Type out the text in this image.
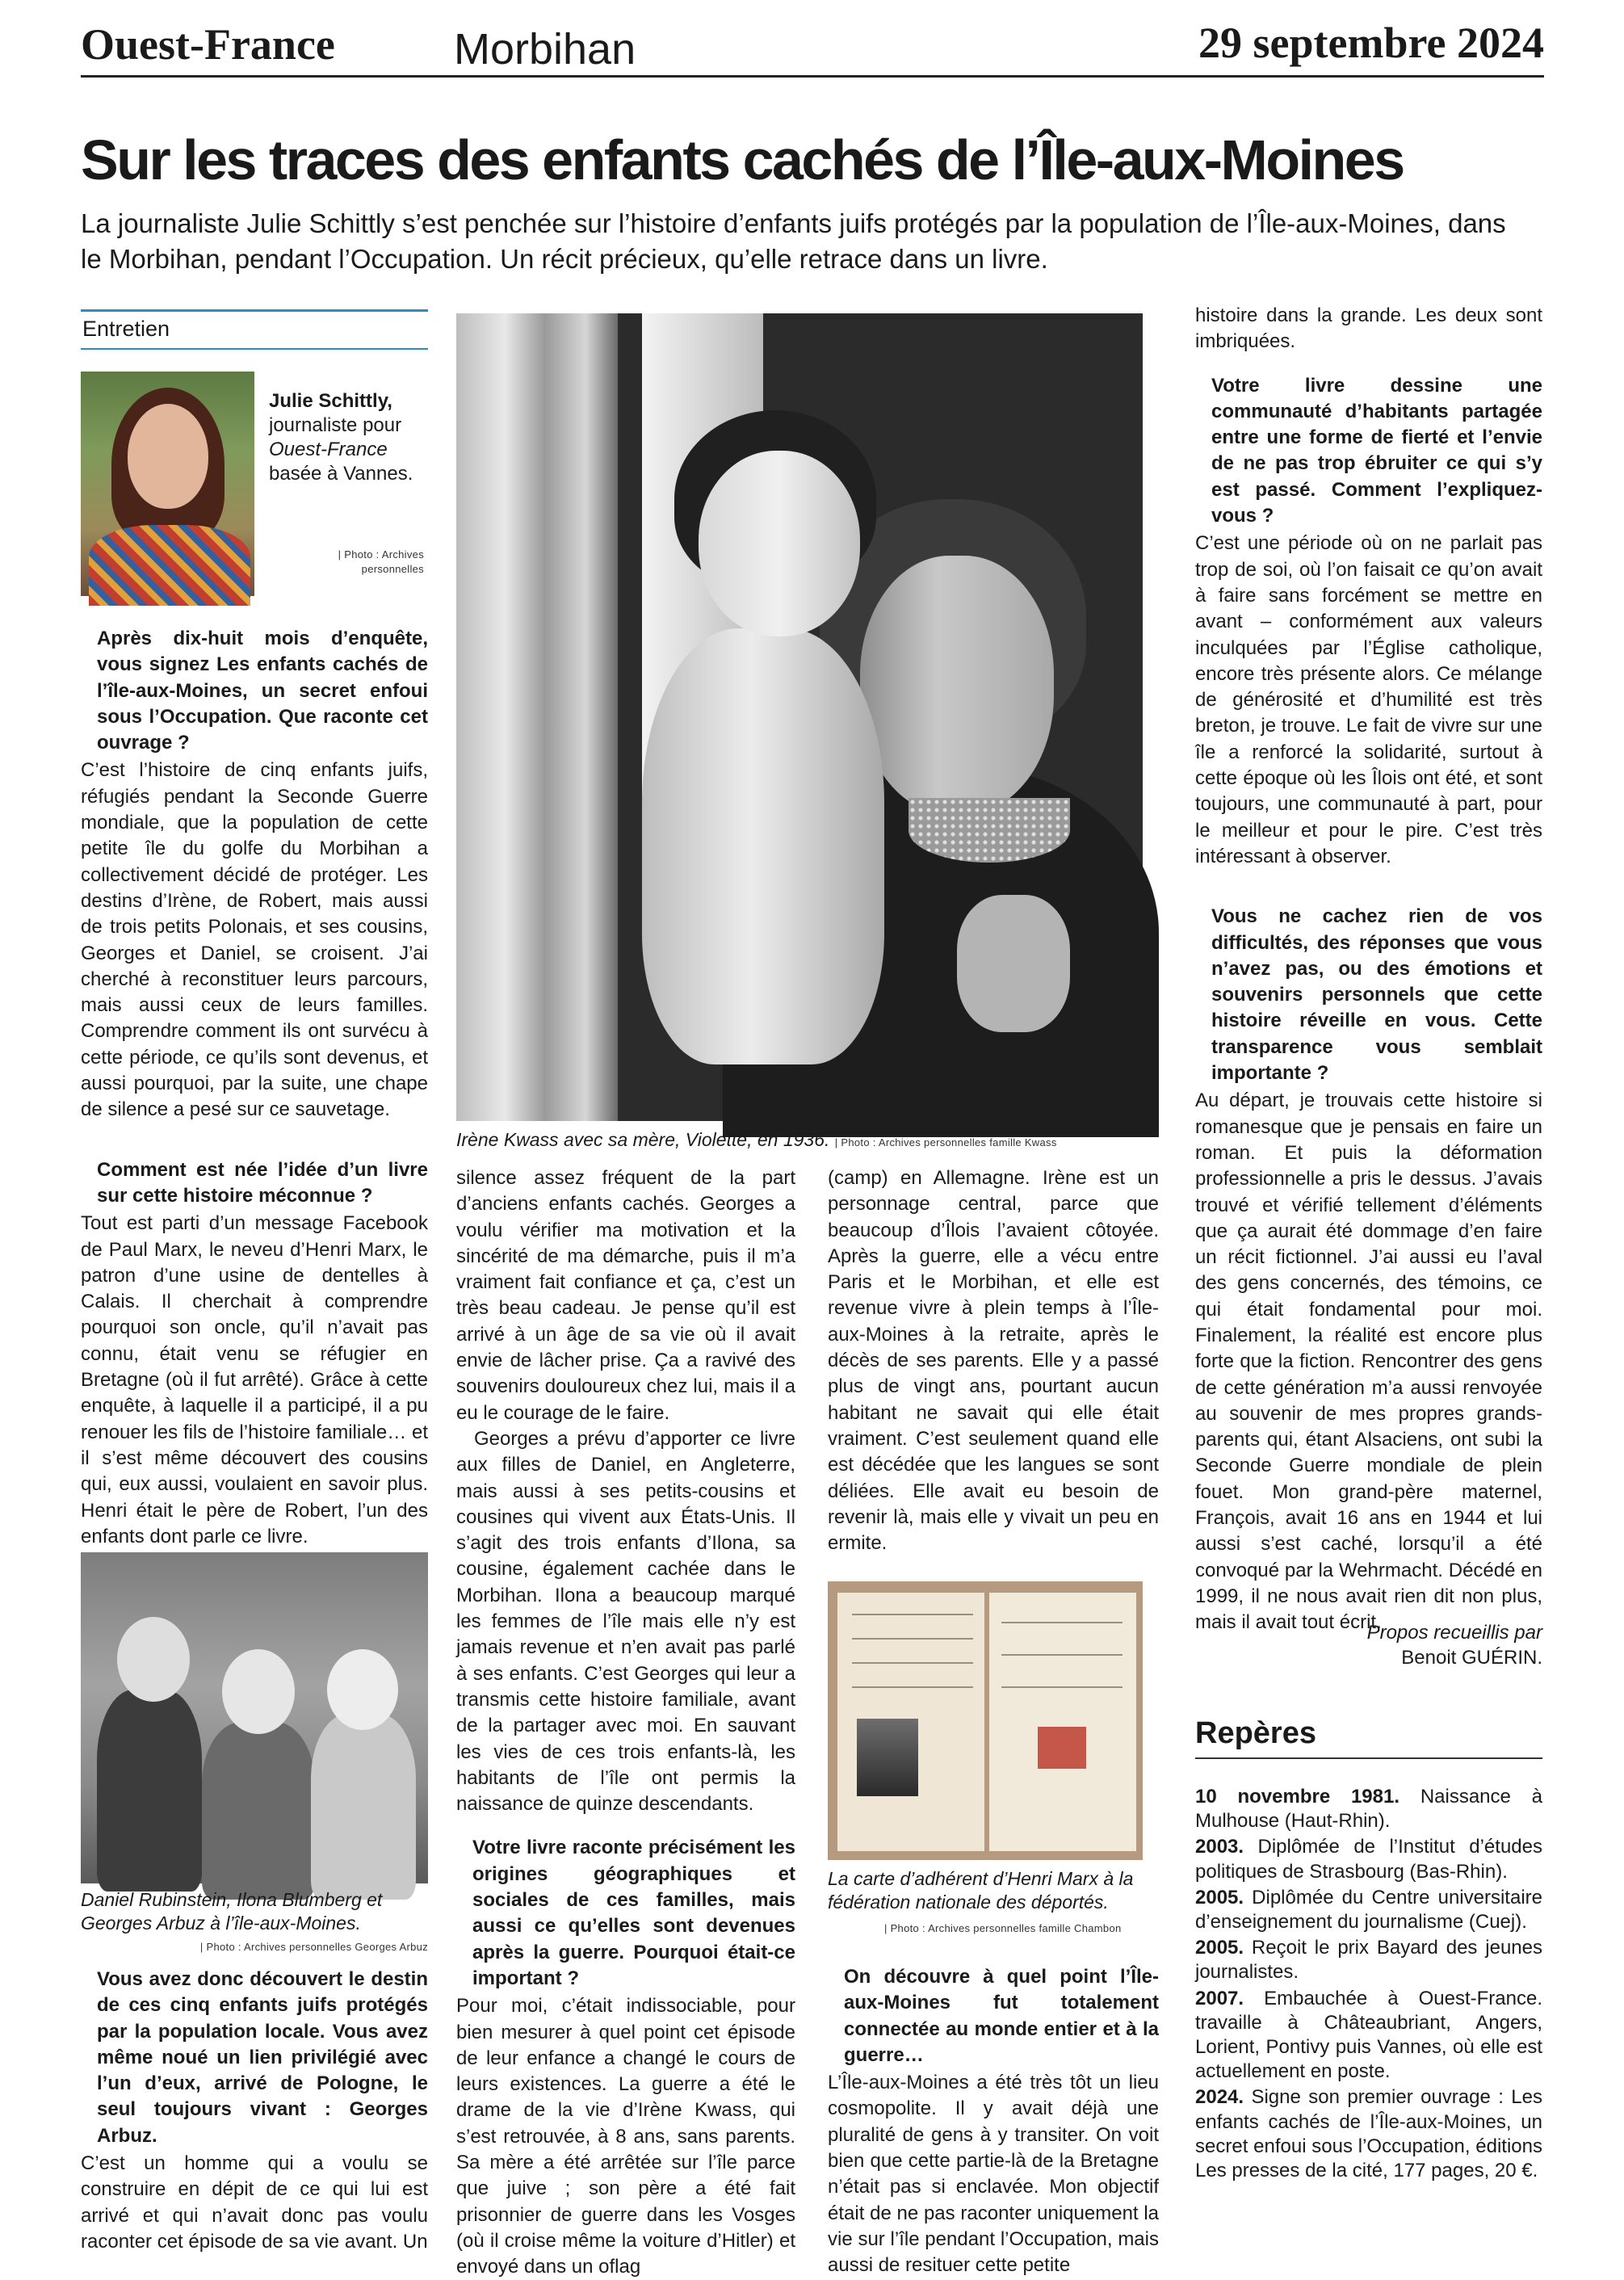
Ouest-France	Morbihan	29 septembre 2024
Sur les traces des enfants cachés de l’Île-aux-Moines
La journaliste Julie Schittly s’est penchée sur l’histoire d’enfants juifs protégés par la population de l’Île-aux-Moines, dans le Morbihan, pendant l’Occupation. Un récit précieux, qu’elle retrace dans un livre.
Entretien
Julie Schittly,
journaliste pour
Ouest-France
basée à Vannes.
| Photo : Archives personnelles
Après dix-huit mois d’enquête, vous signez Les enfants cachés de l’île-aux-Moines, un secret enfoui sous l’Occupation. Que raconte cet ouvrage ?
C’est l’histoire de cinq enfants juifs, réfugiés pendant la Seconde Guerre mondiale, que la population de cette petite île du golfe du Morbihan a collectivement décidé de protéger. Les destins d’Irène, de Robert, mais aussi de trois petits Polonais, et ses cousins, Georges et Daniel, se croisent. J’ai cherché à reconstituer leurs parcours, mais aussi ceux de leurs familles. Comprendre comment ils ont survécu à cette période, ce qu’ils sont devenus, et aussi pourquoi, par la suite, une chape de silence a pesé sur ce sauvetage.
Comment est née l’idée d’un livre sur cette histoire méconnue ?
Tout est parti d’un message Facebook de Paul Marx, le neveu d’Henri Marx, le patron d’une usine de dentelles à Calais. Il cherchait à comprendre pourquoi son oncle, qu’il n’avait pas connu, était venu se réfugier en Bretagne (où il fut arrêté). Grâce à cette enquête, à laquelle il a participé, il a pu renouer les fils de l’histoire familiale… et il s’est même découvert des cousins qui, eux aussi, voulaient en savoir plus. Henri était le père de Robert, l’un des enfants dont parle ce livre.
Daniel Rubinstein, Ilona Blumberg et Georges Arbuz à l’île-aux-Moines.
| Photo : Archives personnelles Georges Arbuz
Vous avez donc découvert le destin de ces cinq enfants juifs protégés par la population locale. Vous avez même noué un lien privilégié avec l’un d’eux, arrivé de Pologne, le seul toujours vivant : Georges Arbuz.
C’est un homme qui a voulu se construire en dépit de ce qui lui est arrivé et qui n’avait donc pas voulu raconter cet épisode de sa vie avant. Un
Irène Kwass avec sa mère, Violette, en 1936. | Photo : Archives personnelles famille Kwass

silence assez fréquent de la part d’anciens enfants cachés. Georges a voulu vérifier ma motivation et la sincérité de ma démarche, puis il m’a vraiment fait confiance et ça, c’est un très beau cadeau. Je pense qu’il est arrivé à un âge de sa vie où il avait envie de lâcher prise. Ça a ravivé des souvenirs douloureux chez lui, mais il a eu le courage de le faire.

Georges a prévu d’apporter ce livre aux filles de Daniel, en Angleterre, mais aussi à ses petits-cousins et cousines qui vivent aux États-Unis. Il s’agit des trois enfants d’Ilona, sa cousine, également cachée dans le Morbihan. Ilona a beaucoup marqué les femmes de l’île mais elle n’y est jamais revenue et n’en avait pas parlé à ses enfants. C’est Georges qui leur a transmis cette histoire familiale, avant de la partager avec moi. En sauvant les vies de ces trois enfants-là, les habitants de l’île ont permis la naissance de quinze descendants.

Votre livre raconte précisément les origines géographiques et sociales de ces familles, mais aussi ce qu’elles sont devenues après la guerre. Pourquoi était-ce important ?
Pour moi, c’était indissociable, pour bien mesurer à quel point cet épisode de leur enfance a changé le cours de leurs existences. La guerre a été le drame de la vie d’Irène Kwass, qui s’est retrouvée, à 8 ans, sans parents. Sa mère a été arrêtée sur l’île parce que juive ; son père a été fait prisonnier de guerre dans les Vosges (où il croise même la voiture d’Hitler) et envoyé dans un oflag

(camp) en Allemagne. Irène est un personnage central, parce que beaucoup d’Îlois l’avaient côtoyée. Après la guerre, elle a vécu entre Paris et le Morbihan, et elle est revenue vivre à plein temps à l’Île-aux-Moines à la retraite, après le décès de ses parents. Elle y a passé plus de vingt ans, pourtant aucun habitant ne savait qui elle était vraiment. C’est seulement quand elle est décédée que les langues se sont déliées. Elle avait eu besoin de revenir là, mais elle y vivait un peu en ermite.

La carte d’adhérent d’Henri Marx à la fédération nationale des déportés.
| Photo : Archives personnelles famille Chambon
On découvre à quel point l’Île-aux-Moines fut totalement connectée au monde entier et à la guerre…
L’Île-aux-Moines a été très tôt un lieu cosmopolite. Il y avait déjà une pluralité de gens à y transiter. On voit bien que cette partie-là de la Bretagne n’était pas si enclavée. Mon objectif était de ne pas raconter uniquement la vie sur l’île pendant l’Occupation, mais aussi de resituer cette petite

histoire dans la grande. Les deux sont imbriquées.

Votre livre dessine une communauté d’habitants partagée entre une forme de fierté et l’envie de ne pas trop ébruiter ce qui s’y est passé. Comment l’expliquez-vous ?
C’est une période où on ne parlait pas trop de soi, où l’on faisait ce qu’on avait à faire sans forcément se mettre en avant – conformément aux valeurs inculquées par l’Église catholique, encore très présente alors. Ce mélange de générosité et d’humilité est très breton, je trouve. Le fait de vivre sur une île a renforcé la solidarité, surtout à cette époque où les Îlois ont été, et sont toujours, une communauté à part, pour le meilleur et pour le pire. C’est très intéressant à observer.
Vous ne cachez rien de vos difficultés, des réponses que vous n’avez pas, ou des émotions et souvenirs personnels que cette histoire réveille en vous. Cette transparence vous semblait importante ?
Au départ, je trouvais cette histoire si romanesque que je pensais en faire un roman. Et puis la déformation professionnelle a pris le dessus. J’avais trouvé et vérifié tellement d’éléments que ça aurait été dommage d’en faire un récit fictionnel. J’ai aussi eu l’aval des gens concernés, des témoins, ce qui était fondamental pour moi. Finalement, la réalité est encore plus forte que la fiction. Rencontrer des gens de cette génération m’a aussi renvoyée au souvenir de mes propres grands-parents qui, étant Alsaciens, ont subi la Seconde Guerre mondiale de plein fouet. Mon grand-père maternel, François, avait 16 ans en 1944 et lui aussi s’est caché, lorsqu’il a été convoqué par la Wehrmacht. Décédé en 1999, il ne nous avait rien dit non plus, mais il avait tout écrit.
Propos recueillis par
Benoit GUÉRIN.
Repères

10 novembre 1981. Naissance à Mulhouse (Haut-Rhin).

2003. Diplômée de l’Institut d’études politiques de Strasbourg (Bas-Rhin).

2005. Diplômée du Centre universitaire d’enseignement du journalisme (Cuej).

2005. Reçoit le prix Bayard des jeunes journalistes.

2007. Embauchée à Ouest-France. travaille à Châteaubriant, Angers, Lorient, Pontivy puis Vannes, où elle est actuellement en poste.

2024. Signe son premier ouvrage : Les enfants cachés de l’Île-aux-Moines, un secret enfoui sous l’Occupation, éditions Les presses de la cité, 177 pages, 20 €.
